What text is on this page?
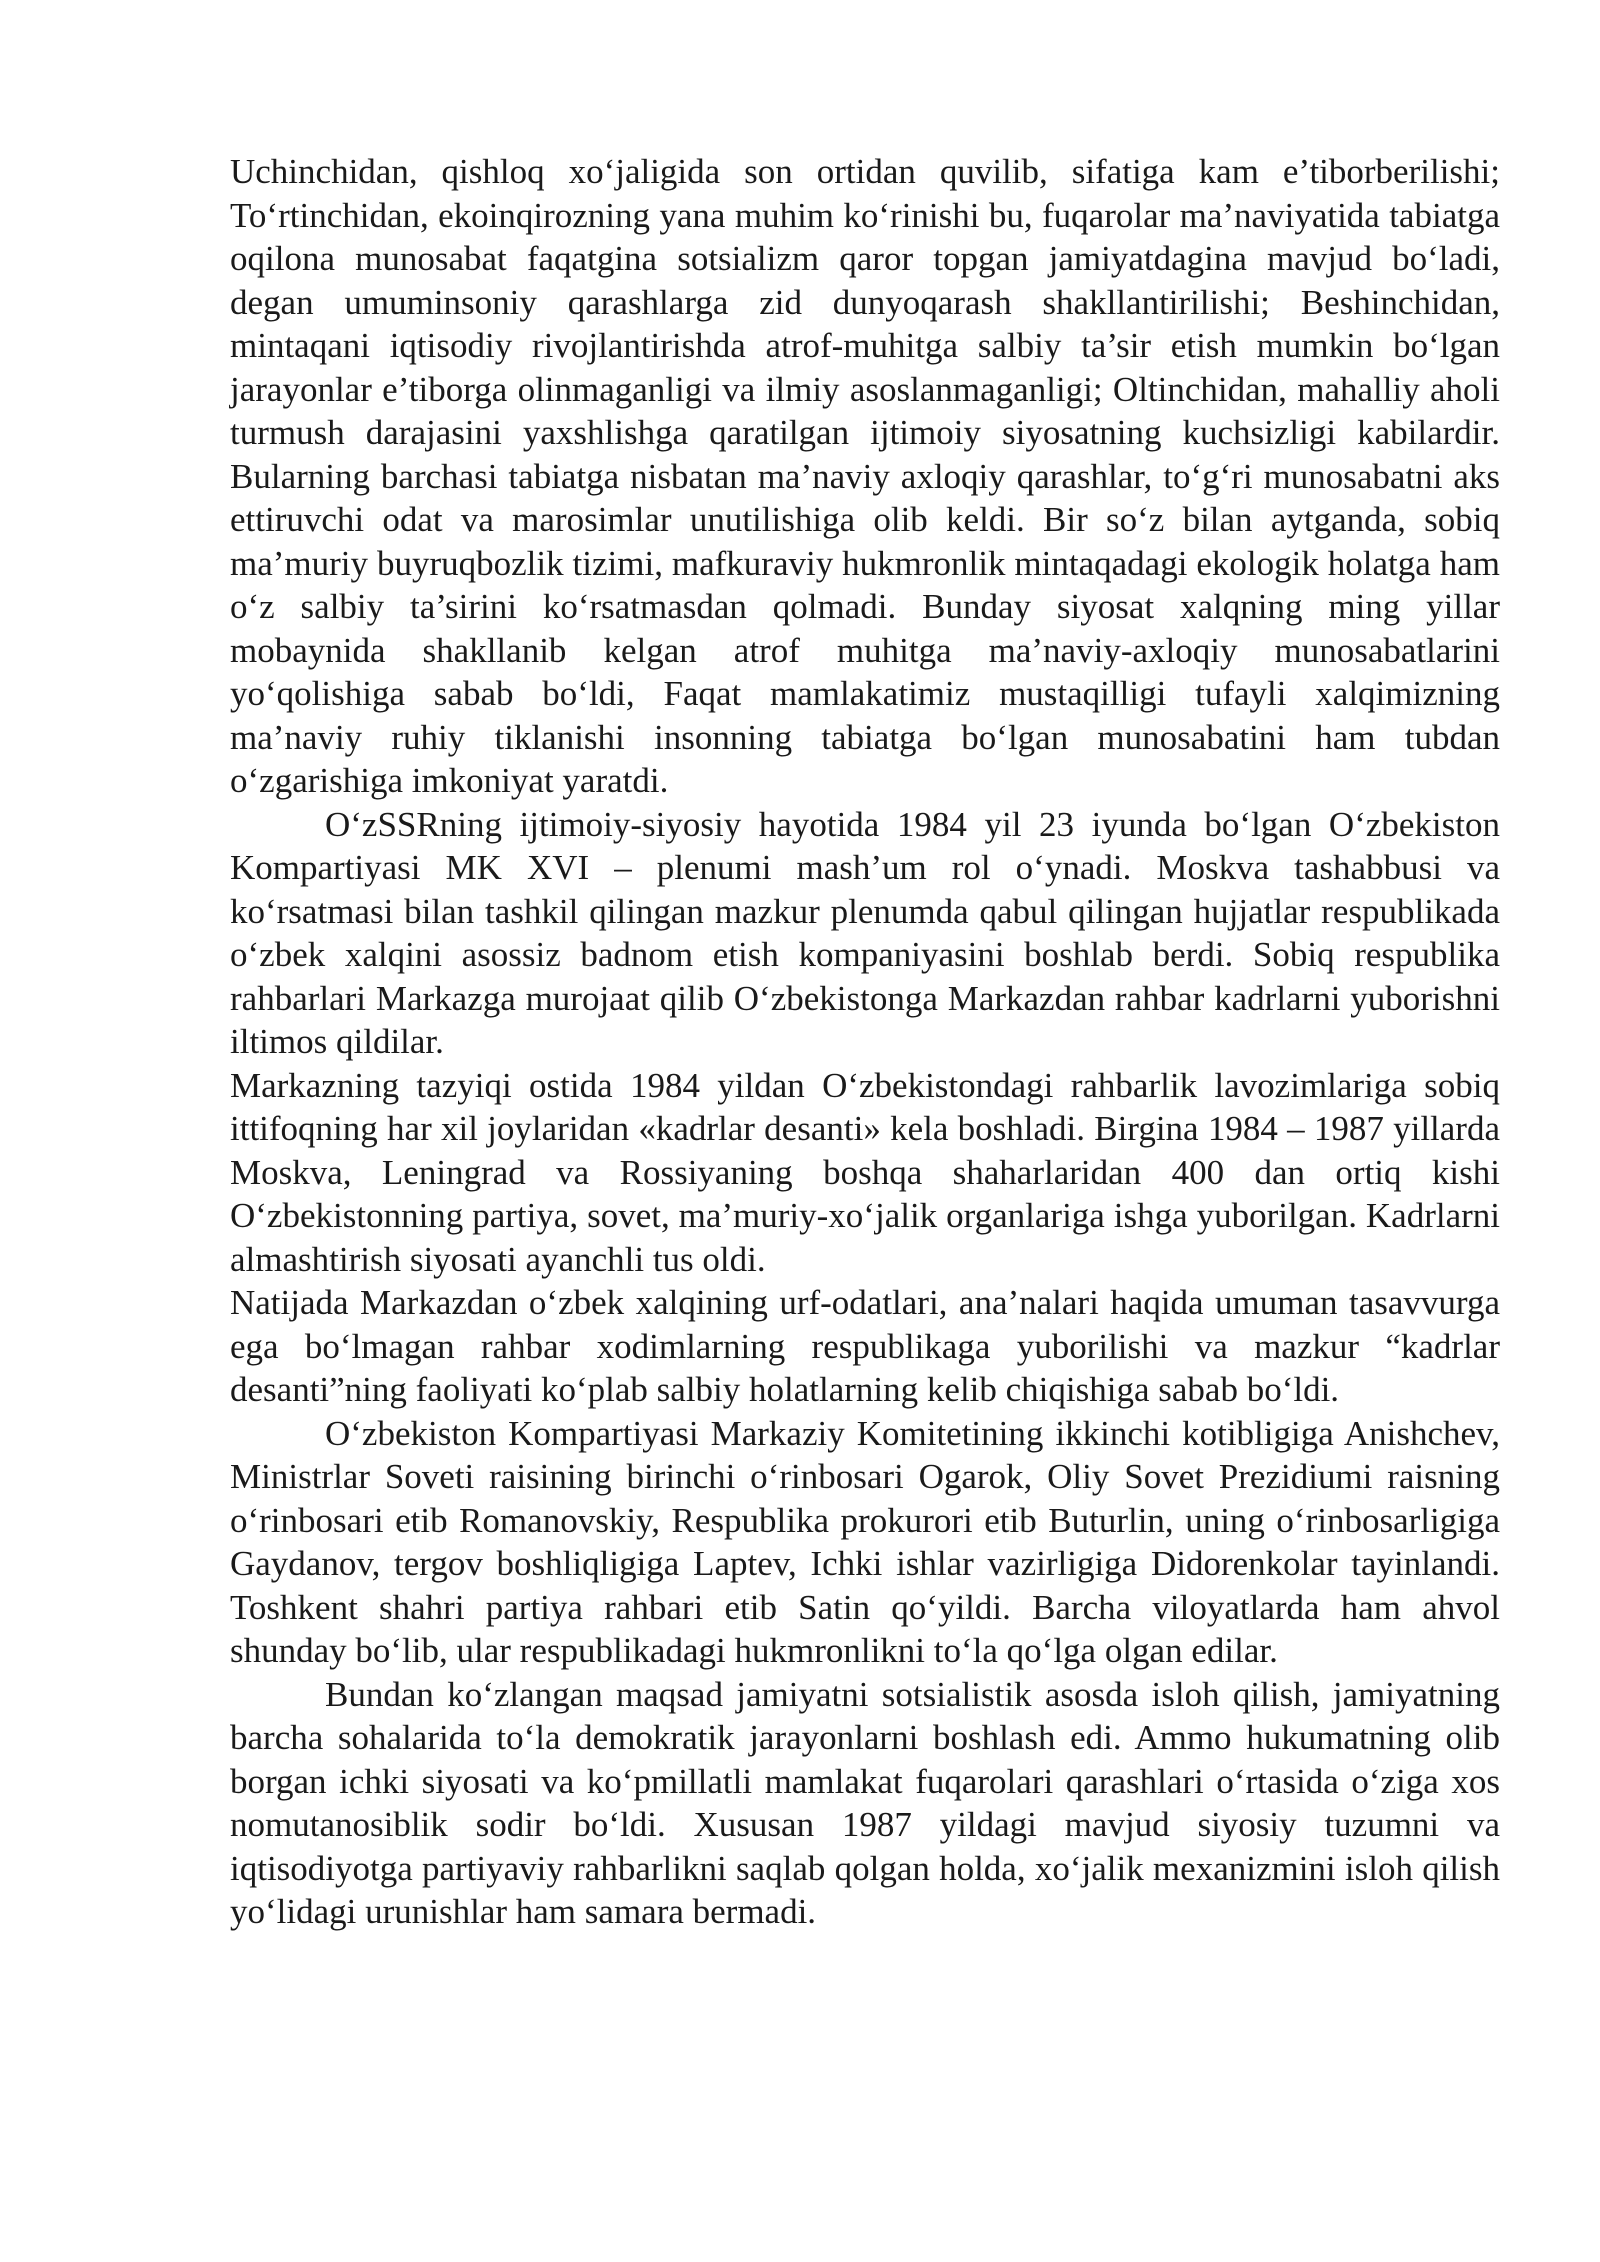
Uchinchidan, qishloq xo‘jaligida son ortidan quvilib, sifatiga kam e’tiborberilishi; To‘rtinchidan, ekoinqirozning yana muhim ko‘rinishi bu, fuqarolar ma’naviyatida tabiatga oqilona munosabat faqatgina sotsializm qaror topgan jamiyatdagina mavjud bo‘ladi, degan umuminsoniy qarashlarga zid dunyoqarash shakllantirilishi; Beshinchidan, mintaqani iqtisodiy rivojlantirishda atrof-muhitga salbiy ta’sir etish mumkin bo‘lgan jarayonlar e’tiborga olinmaganligi va ilmiy asoslanmaganligi; Oltinchidan, mahalliy aholi turmush darajasini yaxshlishga qaratilgan ijtimoiy siyosatning kuchsizligi kabilardir. Bularning barchasi tabiatga nisbatan ma’naviy axloqiy qarashlar, to‘g‘ri munosabatni aks ettiruvchi odat va marosimlar unutilishiga olib keldi. Bir so‘z bilan aytganda, sobiq ma’muriy buyruqbozlik tizimi, mafkuraviy hukmronlik mintaqadagi ekologik holatga ham o‘z salbiy ta’sirini ko‘rsatmasdan qolmadi. Bunday siyosat xalqning ming yillar mobaynida shakllanib kelgan atrof muhitga ma’naviy-axloqiy munosabatlarini yo‘qolishiga sabab bo‘ldi, Faqat mamlakatimiz mustaqilligi tufayli xalqimizning ma’naviy ruhiy tiklanishi insonning tabiatga bo‘lgan munosabatini ham tubdan o‘zgarishiga imkoniyat yaratdi.

O‘zSSRning ijtimoiy-siyosiy hayotida 1984 yil 23 iyunda bo‘lgan O‘zbekiston Kompartiyasi MK XVI – plenumi mash’um rol o‘ynadi. Moskva tashabbusi va ko‘rsatmasi bilan tashkil qilingan mazkur plenumda qabul qilingan hujjatlar respublikada o‘zbek xalqini asossiz badnom etish kompaniyasini boshlab berdi. Sobiq respublika rahbarlari Markazga murojaat qilib O‘zbekistonga Markazdan rahbar kadrlarni yuborishni iltimos qildilar.

Markazning tazyiqi ostida 1984 yildan O‘zbekistondagi rahbarlik lavozimlariga sobiq ittifoqning har xil joylaridan «kadrlar desanti» kela boshladi. Birgina 1984 – 1987 yillarda Moskva, Leningrad va Rossiyaning boshqa shaharlaridan 400 dan ortiq kishi O‘zbekistonning partiya, sovet, ma’muriy-xo‘jalik organlariga ishga yuborilgan. Kadrlarni almashtirish siyosati ayanchli tus oldi.

Natijada Markazdan o‘zbek xalqining urf-odatlari, ana’nalari haqida umuman tasavvurga ega bo‘lmagan rahbar xodimlarning respublikaga yuborilishi va mazkur “kadrlar desanti”ning faoliyati ko‘plab salbiy holatlarning kelib chiqishiga sabab bo‘ldi.

O‘zbekiston Kompartiyasi Markaziy Komitetining ikkinchi kotibligiga Anishchev, Ministrlar Soveti raisining birinchi o‘rinbosari Ogarok, Oliy Sovet Prezidiumi raisning o‘rinbosari etib Romanovskiy, Respublika prokurori etib Buturlin, uning o‘rinbosarligiga Gaydanov, tergov boshliqligiga Laptev, Ichki ishlar vazirligiga Didorenkolar tayinlandi. Toshkent shahri partiya rahbari etib Satin qo‘yildi. Barcha viloyatlarda ham ahvol shunday bo‘lib, ular respublikadagi hukmronlikni to‘la qo‘lga olgan edilar.

Bundan ko‘zlangan maqsad jamiyatni sotsialistik asosda isloh qilish, jamiyatning barcha sohalarida to‘la demokratik jarayonlarni boshlash edi. Ammo hukumatning olib borgan ichki siyosati va ko‘pmillatli mamlakat fuqarolari qarashlari o‘rtasida o‘ziga xos nomutanosiblik sodir bo‘ldi. Xususan 1987 yildagi mavjud siyosiy tuzumni va iqtisodiyotga partiyaviy rahbarlikni saqlab qolgan holda, xo‘jalik mexanizmini isloh qilish yo‘lidagi urunishlar ham samara bermadi.
